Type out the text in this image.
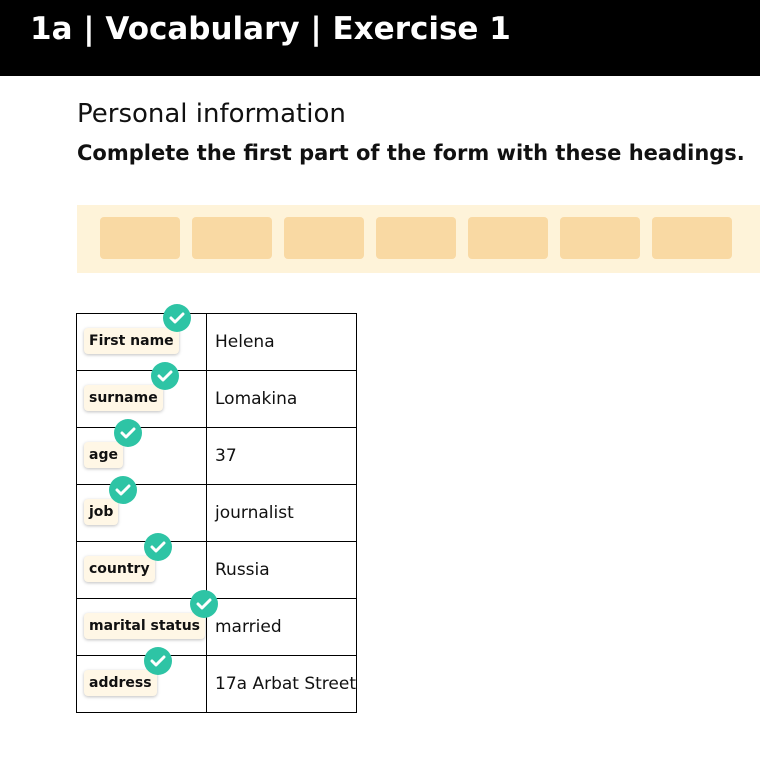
1a | Vocabulary | Exercise 1
Personal information
Complete the first part of the form with these headings.
First name	Helena

surname	Lomakina

age	37

job	journalist

country	Russia

marital status	married

address	17a Arbat Street
